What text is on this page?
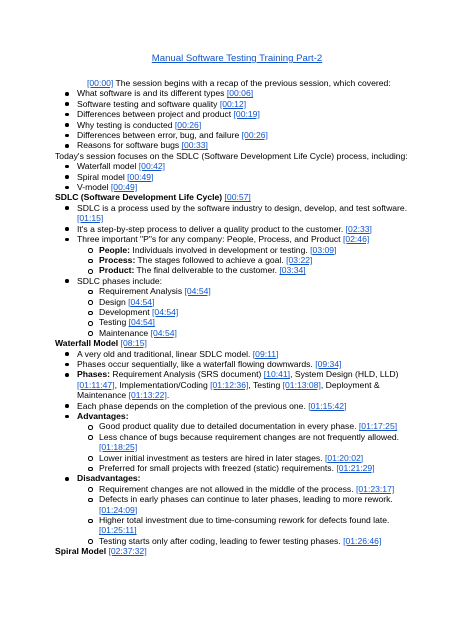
Manual Software Testing Training Part-2
[00:00] The session begins with a recap of the previous session, which covered:
What software is and its different types [00:06]
Software testing and software quality [00:12]
Differences between project and product [00:19]
Why testing is conducted [00:26]
Differences between error, bug, and failure [00:26]
Reasons for software bugs [00:33]
Today's session focuses on the SDLC (Software Development Life Cycle) process, including:
Waterfall model [00:42]
Spiral model [00:49]
V-model [00:49]
SDLC (Software Development Life Cycle) [00:57]
SDLC is a process used by the software industry to design, develop, and test software.
[01:15]
It's a step-by-step process to deliver a quality product to the customer. [02:33]
Three important "P"s for any company: People, Process, and Product [02:46]
People: Individuals involved in development or testing. [03:09]
Process: The stages followed to achieve a goal. [03:22]
Product: The final deliverable to the customer. [03:34]
SDLC phases include:
Requirement Analysis [04:54]
Design [04:54]
Development [04:54]
Testing [04:54]
Maintenance [04:54]
Waterfall Model [08:15]
A very old and traditional, linear SDLC model. [09:11]
Phases occur sequentially, like a waterfall flowing downwards. [09:34]
Phases: Requirement Analysis (SRS document) [10:41], System Design (HLD, LLD)
[01:11:47], Implementation/Coding [01:12:36], Testing [01:13:08], Deployment &
Maintenance [01:13:22].
Each phase depends on the completion of the previous one. [01:15:42]
Advantages:
Good product quality due to detailed documentation in every phase. [01:17:25]
Less chance of bugs because requirement changes are not frequently allowed.
[01:18:25]
Lower initial investment as testers are hired in later stages. [01:20:02]
Preferred for small projects with freezed (static) requirements. [01:21:29]
Disadvantages:
Requirement changes are not allowed in the middle of the process. [01:23:17]
Defects in early phases can continue to later phases, leading to more rework.
[01:24:09]
Higher total investment due to time-consuming rework for defects found late.
[01:25:11]
Testing starts only after coding, leading to fewer testing phases. [01:26:46]
Spiral Model [02:37:32]
